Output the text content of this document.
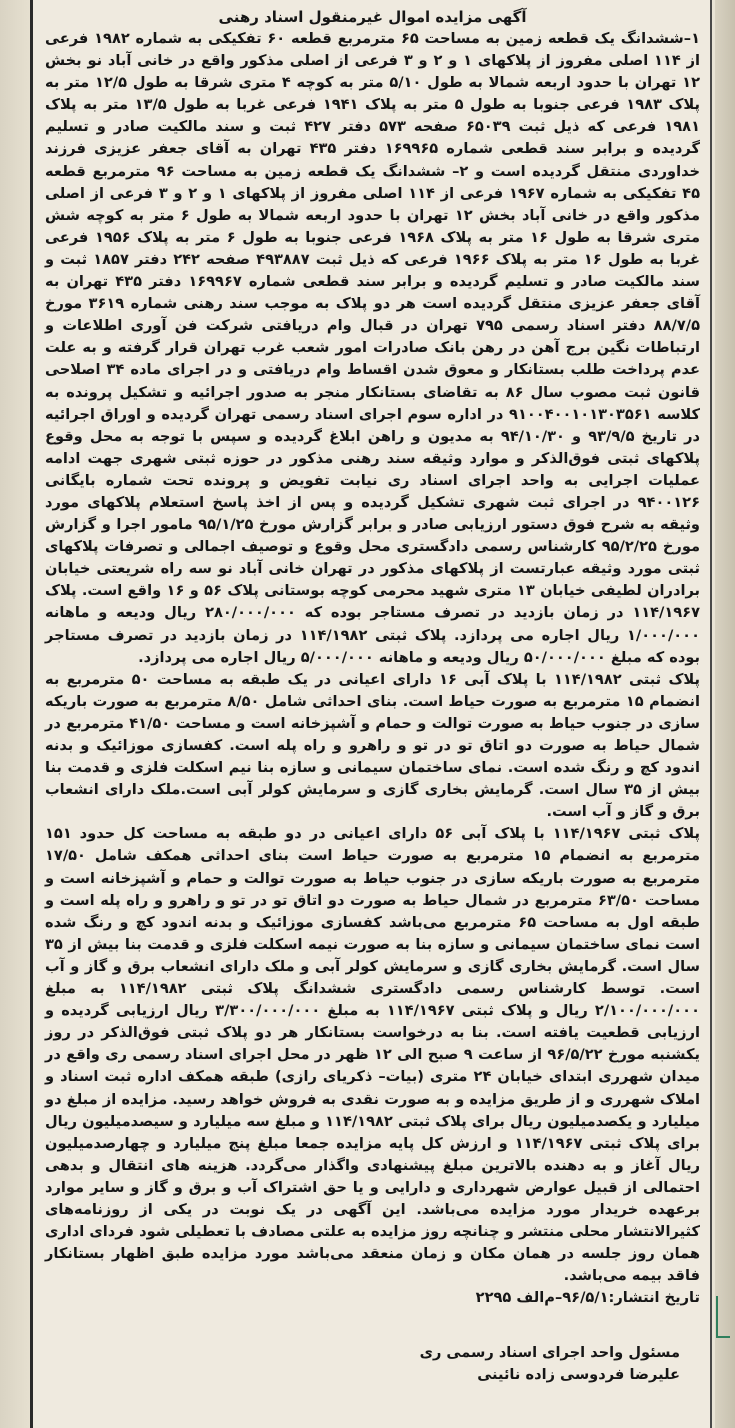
آگهی مزایده اموال غیرمنقول اسناد رهنی

۱–ششدانگ یک قطعه زمین به مساحت ۶۵ مترمربع قطعه ۶۰ تفکیکی به شماره ۱۹۸۲ فرعی از ۱۱۴ اصلی مفروز از پلاکهای ۱ و ۲ و ۳ فرعی از اصلی مذکور واقع در خانی آباد نو بخش ۱۲ تهران با حدود اربعه شمالا به طول ۵/۱۰ متر به کوچه ۴ متری شرقا به طول ۱۲/۵ متر به پلاک ۱۹۸۳ فرعی جنوبا به طول ۵ متر به پلاک ۱۹۴۱ فرعی غربا به طول ۱۳/۵ متر به پلاک ۱۹۸۱ فرعی که ذیل ثبت ۶۵۰۳۹ صفحه ۵۷۳ دفتر ۴۲۷ ثبت و سند مالکیت صادر و تسلیم گردیده و برابر سند قطعی شماره ۱۶۹۹۶۵ دفتر ۴۳۵ تهران به آقای جعفر عزیزی فرزند خداوردی منتقل گردیده است و ۲– ششدانگ یک قطعه زمین به مساحت ۹۶ مترمربع قطعه ۴۵ تفکیکی به شماره ۱۹۶۷ فرعی از ۱۱۴ اصلی مفروز از پلاکهای ۱ و ۲ و ۳ فرعی از اصلی مذکور واقع در خانی آباد بخش ۱۲ تهران با حدود اربعه شمالا به طول ۶ متر به کوچه شش متری شرقا به طول ۱۶ متر به پلاک ۱۹۶۸ فرعی جنوبا به طول ۶ متر به پلاک ۱۹۵۶ فرعی غربا به طول ۱۶ متر به پلاک ۱۹۶۶ فرعی که ذیل ثبت ۴۹۳۸۸۷ صفحه ۲۴۲ دفتر ۱۸۵۷ ثبت و سند مالکیت صادر و تسلیم گردیده و برابر سند قطعی شماره ۱۶۹۹۶۷ دفتر ۴۳۵ تهران به آقای جعفر عزیزی منتقل گردیده است هر دو پلاک به موجب سند رهنی شماره ۳۶۱۹ مورخ ۸۸/۷/۵ دفتر اسناد رسمی ۷۹۵ تهران در قبال وام دریافتی شرکت فن آوری اطلاعات و ارتباطات نگین برج آهن در رهن بانک صادرات امور شعب غرب تهران قرار گرفته و به علت عدم پرداخت طلب بستانکار و معوق شدن اقساط وام دریافتی و در اجرای ماده ۳۴ اصلاحی قانون ثبت مصوب سال ۸۶ به تقاضای بستانکار منجر به صدور اجرائیه و تشکیل پرونده به کلاسه ۹۱۰۰۴۰۰۱۰۱۳۰۳۵۶۱ در اداره سوم اجرای اسناد رسمی تهران گردیده و اوراق اجرائیه در تاریخ ۹۳/۹/۵ و ۹۴/۱۰/۳۰ به مدیون و راهن ابلاغ گردیده و سپس با توجه به محل وقوع پلاکهای ثبتی فوق‌الذکر و موارد وثیقه سند رهنی مذکور در حوزه ثبتی شهری جهت ادامه عملیات اجرایی به واحد اجرای اسناد ری نیابت تفویض و پرونده تحت شماره بایگانی ۹۴۰۰۱۲۶ در اجرای ثبت شهری تشکیل گردیده و پس از اخذ پاسخ استعلام پلاکهای مورد وثیقه به شرح فوق دستور ارزیابی صادر و برابر گزارش مورخ ۹۵/۱/۲۵ مامور اجرا و گزارش مورخ ۹۵/۲/۲۵ کارشناس رسمی دادگستری محل وقوع و توصیف اجمالی و تصرفات پلاکهای ثبتی مورد وثیقه عبارتست از پلاکهای مذکور در تهران خانی آباد نو سه راه شریعتی خیابان برادران لطیفی خیابان ۱۳ متری شهید محرمی کوچه بوستانی پلاک ۵۶ و ۱۶ واقع است. پلاک ۱۱۴/۱۹۶۷ در زمان بازدید در تصرف مستاجر بوده که ۲۸۰/۰۰۰/۰۰۰ ریال ودیعه و ماهانه ۱/۰۰۰/۰۰۰ ریال اجاره می پردازد. پلاک ثبتی ۱۱۴/۱۹۸۲ در زمان بازدید در تصرف مستاجر بوده که مبلغ ۵۰/۰۰۰/۰۰۰ ریال ودیعه و ماهانه ۵/۰۰۰/۰۰۰ ریال اجاره می پردازد.

پلاک ثبتی ۱۱۴/۱۹۸۲ با پلاک آبی ۱۶ دارای اعیانی در یک طبقه به مساحت ۵۰ مترمربع به انضمام ۱۵ مترمربع به صورت حیاط است. بنای احداثی شامل ۸/۵۰ مترمربع به صورت باریکه سازی در جنوب حیاط به صورت توالت و حمام و آشپزخانه است و مساحت ۴۱/۵۰ مترمربع در شمال حیاط به صورت دو اتاق تو در تو و راهرو و راه پله است. کفسازی موزائیک و بدنه اندود کچ و رنگ شده است. نمای ساختمان سیمانی و سازه بنا نیم اسکلت فلزی و قدمت بنا بیش از ۳۵ سال است. گرمایش بخاری گازی و سرمایش کولر آبی است.ملک دارای انشعاب برق و گاز و آب است.

پلاک ثبتی ۱۱۴/۱۹۶۷ با پلاک آبی ۵۶ دارای اعیانی در دو طبقه به مساحت کل حدود ۱۵۱ مترمربع به انضمام ۱۵ مترمربع به صورت حیاط است بنای احداثی همکف شامل ۱۷/۵۰ مترمربع به صورت باریکه سازی در جنوب حیاط به صورت توالت و حمام و آشپزخانه است و مساحت ۶۳/۵۰ مترمربع در شمال حیاط به صورت دو اتاق تو در تو و راهرو و راه پله است و طبقه اول به مساحت ۶۵ مترمربع می‌باشد کفسازی موزائیک و بدنه اندود کچ و رنگ شده است نمای ساختمان سیمانی و سازه بنا به صورت نیمه اسکلت فلزی و قدمت بنا بیش از ۳۵ سال است. گرمایش بخاری گازی و سرمایش کولر آبی و ملک دارای انشعاب برق و گاز و آب است. توسط کارشناس رسمی دادگستری ششدانگ پلاک ثبتی ۱۱۴/۱۹۸۲ به مبلغ ۲/۱۰۰/۰۰۰/۰۰۰ ریال و پلاک ثبتی ۱۱۴/۱۹۶۷ به مبلغ ۳/۳۰۰/۰۰۰/۰۰۰ ریال ارزیابی گردیده و ارزیابی قطعیت یافته است. بنا به درخواست بستانکار هر دو پلاک ثبتی فوق‌الذکر در روز یکشنبه مورخ ۹۶/۵/۲۲ از ساعت ۹ صبح الی ۱۲ ظهر در محل اجرای اسناد رسمی ری واقع در میدان شهرری ابتدای خیابان ۲۴ متری (بیات– ذکریای رازی) طبقه همکف اداره ثبت اسناد و املاک شهرری و از طریق مزایده و به صورت نقدی به فروش خواهد رسید. مزایده از مبلغ دو میلیارد و یکصدمیلیون ریال برای پلاک ثبتی ۱۱۴/۱۹۸۲ و مبلغ سه میلیارد و سیصدمیلیون ریال برای پلاک ثبتی ۱۱۴/۱۹۶۷ و ارزش کل پایه مزایده جمعا مبلغ پنج میلیارد و چهارصدمیلیون ریال آغاز و به دهنده بالاترین مبلغ پیشنهادی واگذار می‌گردد. هزینه های انتقال و بدهی احتمالی از قبیل عوارض شهرداری و دارایی و یا حق اشتراک آب و برق و گاز و سایر موارد برعهده خریدار مورد مزایده می‌باشد. این آگهی در یک نوبت در یکی از روزنامه‌های کثیرالانتشار محلی منتشر و چنانچه روز مزایده به علتی مصادف با تعطیلی شود فردای اداری همان روز جلسه در همان مکان و زمان منعقد می‌باشد مورد مزایده طبق اظهار بستانکار فاقد بیمه می‌باشد.

تاریخ انتشار:۹۶/۵/۱–م‌الف ۲۲۹۵

مسئول واحد اجرای اسناد رسمی ری
علیرضا فردوسی زاده نائینی
